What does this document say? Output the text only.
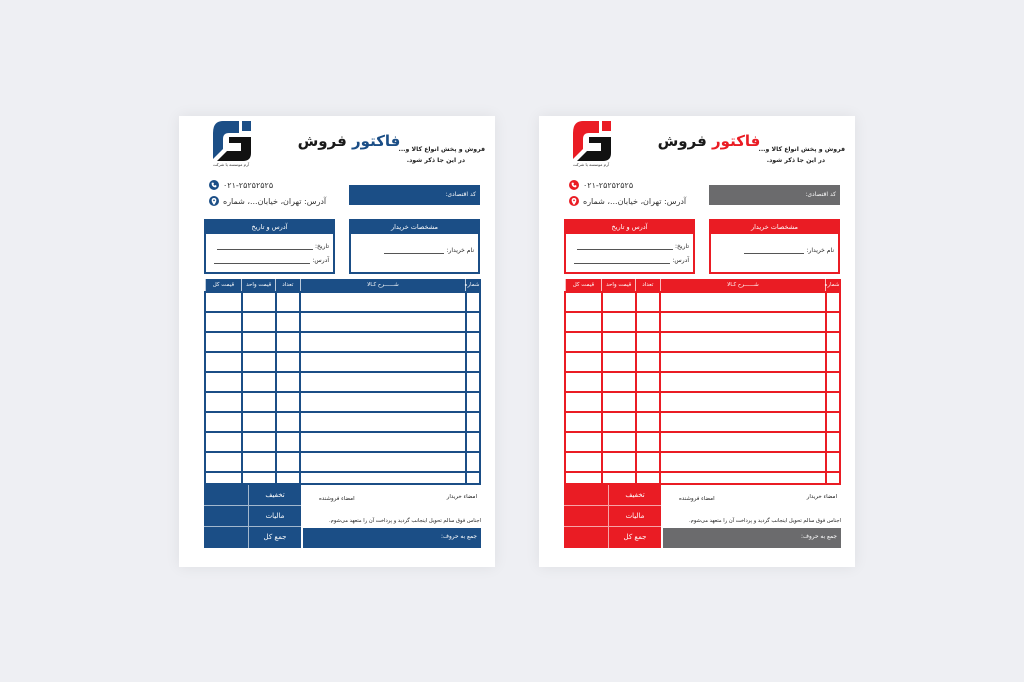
آرم موسسه یا شرکت
فاکتور فروش	فروش و پخش انواع کالا و...
در این جا ذکر شود.
۰۲۱-۲۵۲۵۲۵۲۵
آدرس: تهران، خیابان...، شماره
کد اقتصادی:
آدرس و تاریخ
تاریخ:
آدرس:
مشخصات خریدار
نام خریدار:
شماره	شــــــرح کـالا	تعداد	قیمت واحد	قیمت کل

تخفیف
مالیات
جمع کل
امضاء خریدار
امضاء فروشنده
اجناس فوق سالم تحویل اینجانب گردید و پرداخت آن را متعهد می‌شوم.
جمع به حروف:
آرم موسسه یا شرکت
فاکتور فروش	فروش و پخش انواع کالا و...
در این جا ذکر شود.
۰۲۱-۲۵۲۵۲۵۲۵
آدرس: تهران، خیابان...، شماره
کد اقتصادی:
آدرس و تاریخ
تاریخ:
آدرس:
مشخصات خریدار
نام خریدار:
شماره	شــــــرح کـالا	تعداد	قیمت واحد	قیمت کل

تخفیف
مالیات
جمع کل
امضاء خریدار
امضاء فروشنده
اجناس فوق سالم تحویل اینجانب گردید و پرداخت آن را متعهد می‌شوم.
جمع به حروف:
